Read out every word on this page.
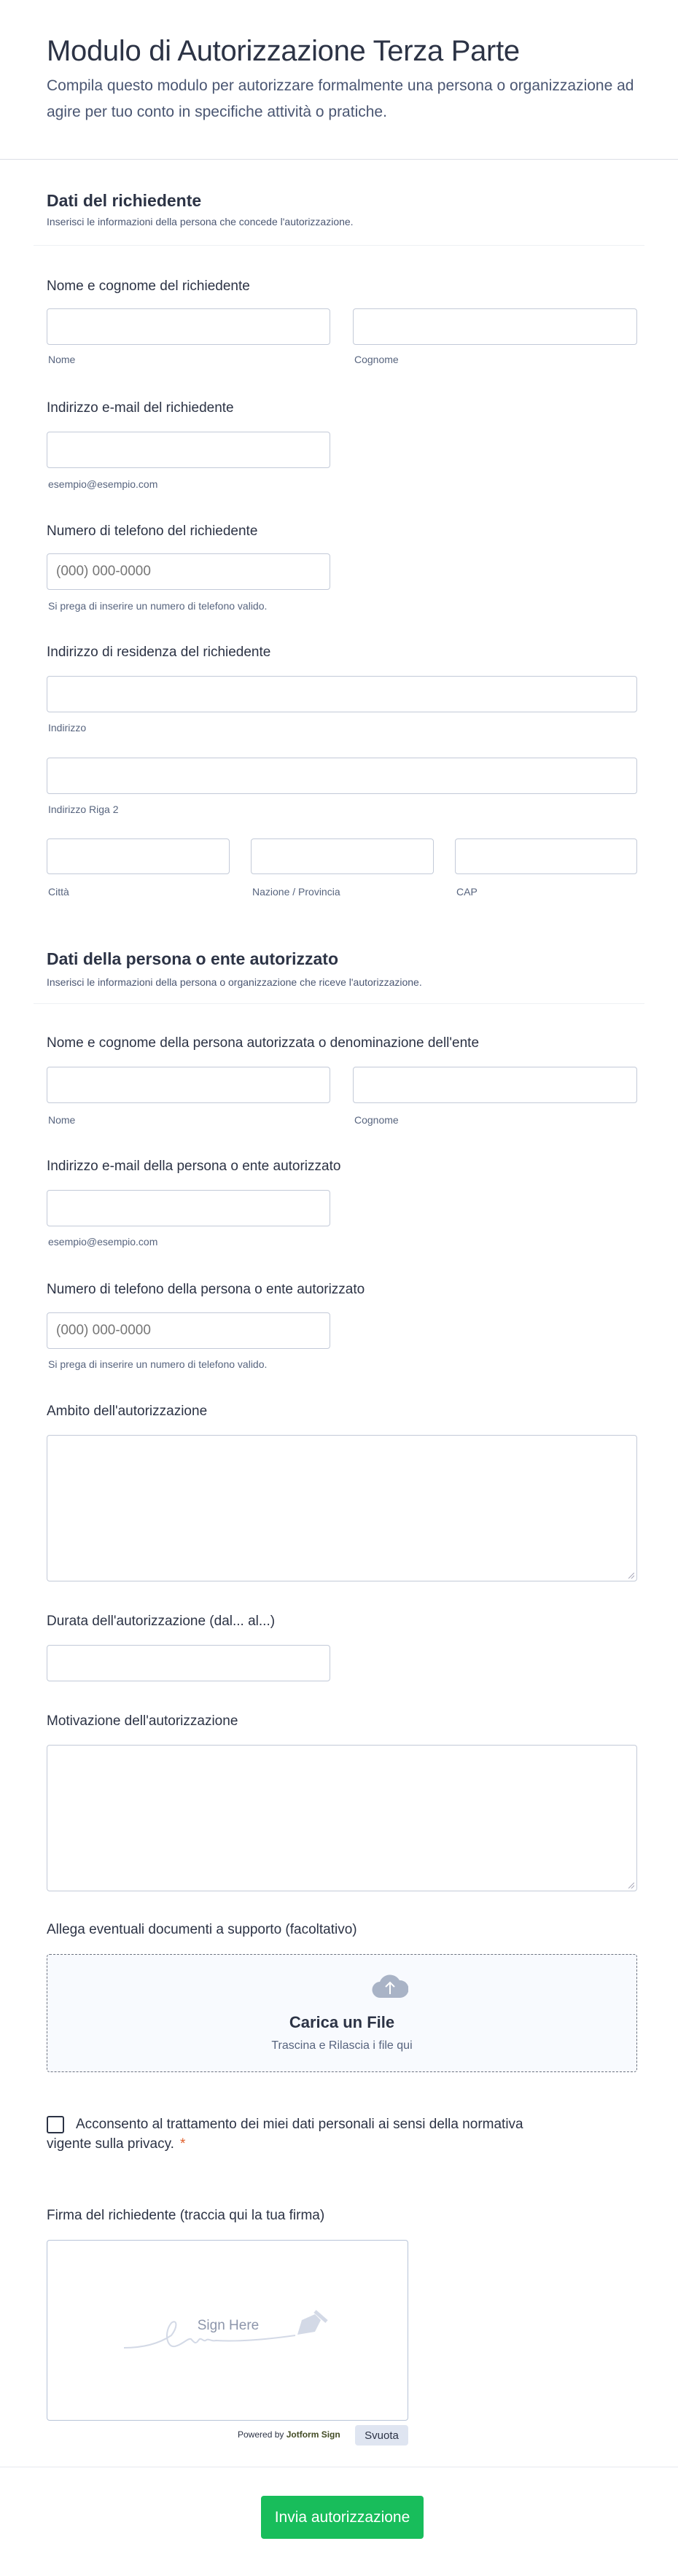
Modulo di Autorizzazione Terza Parte
Compila questo modulo per autorizzare formalmente una persona o organizzazione ad agire per tuo conto in specifiche attività o pratiche.
Dati del richiedente
Inserisci le informazioni della persona che concede l'autorizzazione.
Nome e cognome del richiedente
Nome	Cognome
Indirizzo e-mail del richiedente
esempio@esempio.com
Numero di telefono del richiedente
(000) 000-0000
Si prega di inserire un numero di telefono valido.
Indirizzo di residenza del richiedente
Indirizzo
Indirizzo Riga 2
Città	Nazione / Provincia	CAP
Dati della persona o ente autorizzato
Inserisci le informazioni della persona o organizzazione che riceve l'autorizzazione.
Nome e cognome della persona autorizzata o denominazione dell'ente
Nome	Cognome
Indirizzo e-mail della persona o ente autorizzato
esempio@esempio.com
Numero di telefono della persona o ente autorizzato
(000) 000-0000
Si prega di inserire un numero di telefono valido.
Ambito dell'autorizzazione
Durata dell'autorizzazione (dal... al...)
Motivazione dell'autorizzazione
Allega eventuali documenti a supporto (facoltativo)
Carica un File
Trascina e Rilascia i file qui
Acconsento al trattamento dei miei dati personali ai sensi della normativa vigente sulla privacy. *
Firma del richiedente (traccia qui la tua firma)
Sign Here
Powered by Jotform Sign	Svuota
Invia autorizzazione
